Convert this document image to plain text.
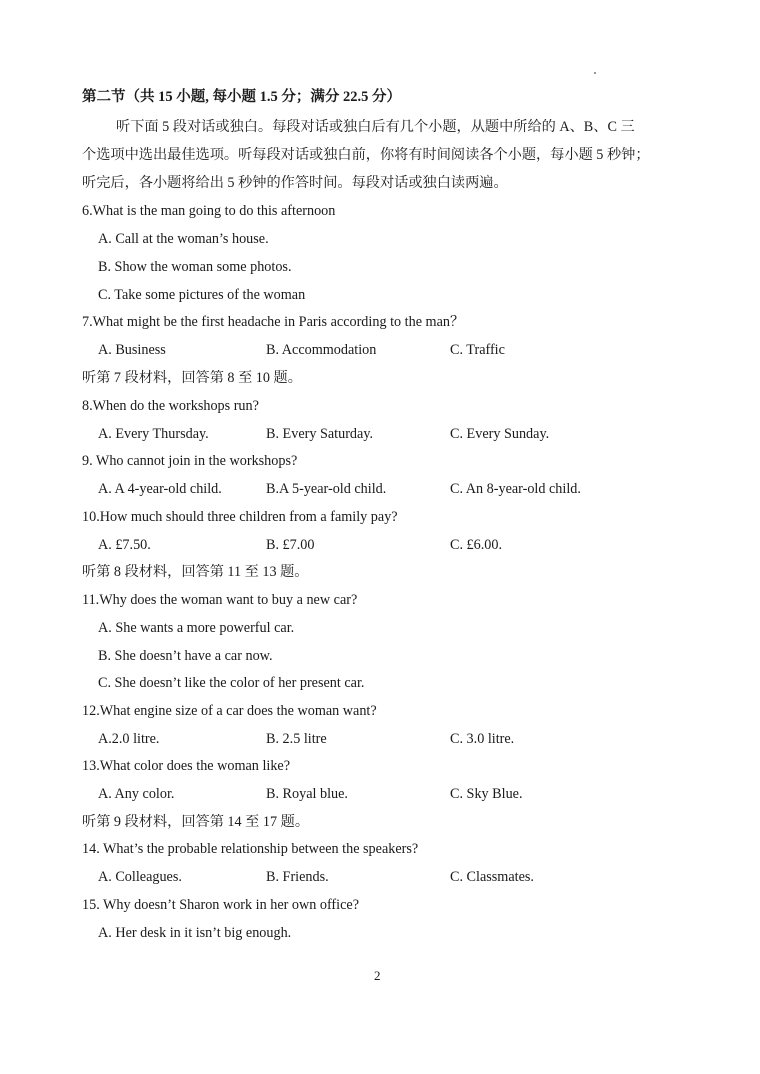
第二节（共 15 小题, 每小题 1.5 分；满分 22.5 分）
听下面 5 段对话或独白。每段对话或独白后有几个小题，从题中所给的 A、B、C 三
个选项中选出最佳选项。听每段对话或独白前，你将有时间阅读各个小题，每小题 5 秒钟；
听完后，各小题将给出 5 秒钟的作答时间。每段对话或独白读两遍。
6.What is the man going to do this afternoon
A. Call at the woman’s house.
B. Show the woman some photos.
C. Take some pictures of the woman
7.What might be the first headache in Paris according to the man？
A. Business	B. Accommodation	C. Traffic
听第 7 段材料，回答第 8 至 10 题。
8.When do the workshops run?
A. Every Thursday.	B. Every Saturday.	C. Every Sunday.
9. Who cannot join in the workshops?
A. A 4-year-old child.	B.A 5-year-old child.	C. An 8-year-old child.
10.How much should three children from a family pay?
A. £7.50.	B. £7.00	C. £6.00.
听第 8 段材料，回答第 11 至 13 题。
11.Why does the woman want to buy a new car?
A. She wants a more powerful car.
B. She doesn’t have a car now.
C. She doesn’t like the color of her present car.
12.What engine size of a car does the woman want?
A.2.0 litre.	B. 2.5 litre	C. 3.0 litre.
13.What color does the woman like?
A. Any color.	B. Royal blue.	C. Sky Blue.
听第 9 段材料，回答第 14 至 17 题。
14. What’s the probable relationship between the speakers?
A. Colleagues.	B. Friends.	C. Classmates.
15. Why doesn’t Sharon work in her own office?
A. Her desk in it isn’t big enough.
2
